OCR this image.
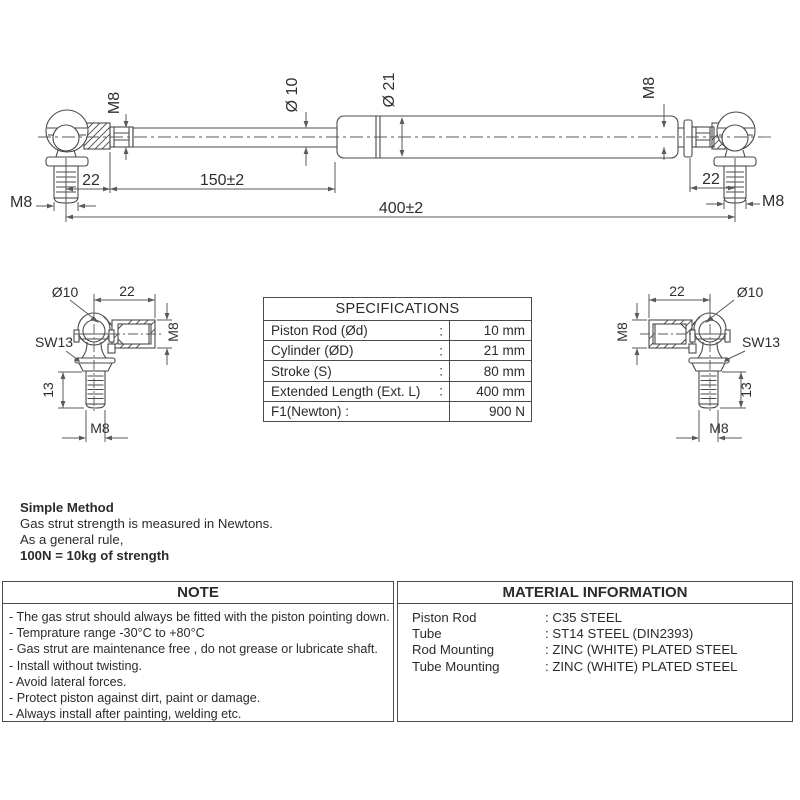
M8	Ø 10	Ø 21	M8
22	150±2
400±2
M8
22
M8
Ø10	22
M8
SW13
13
M8
22	Ø10
M8
SW13
13
M8
SPECIFICATIONS
Piston Rod (Ød)	:	10 mm
Cylinder (ØD)	:	21 mm
Stroke (S)	:	80 mm
Extended Length (Ext. L) :	400 mm
F1(Newton) :	900 N
Simple Method
Gas strut strength is measured in Newtons.
As a general rule,
100N = 10kg of strength
NOTE
- The gas strut should always be fitted with the piston pointing down.
- Temprature range -30°C to +80°C
- Gas strut are maintenance free , do not grease or lubricate shaft.
- Install without twisting.
- Avoid lateral forces.
- Protect piston against dirt, paint or damage.
- Always install after painting, welding etc.
MATERIAL INFORMATION
Piston Rod	: C35 STEEL
Tube	: ST14 STEEL (DIN2393)
Rod Mounting	: ZINC (WHITE) PLATED STEEL
Tube Mounting	: ZINC (WHITE) PLATED STEEL
